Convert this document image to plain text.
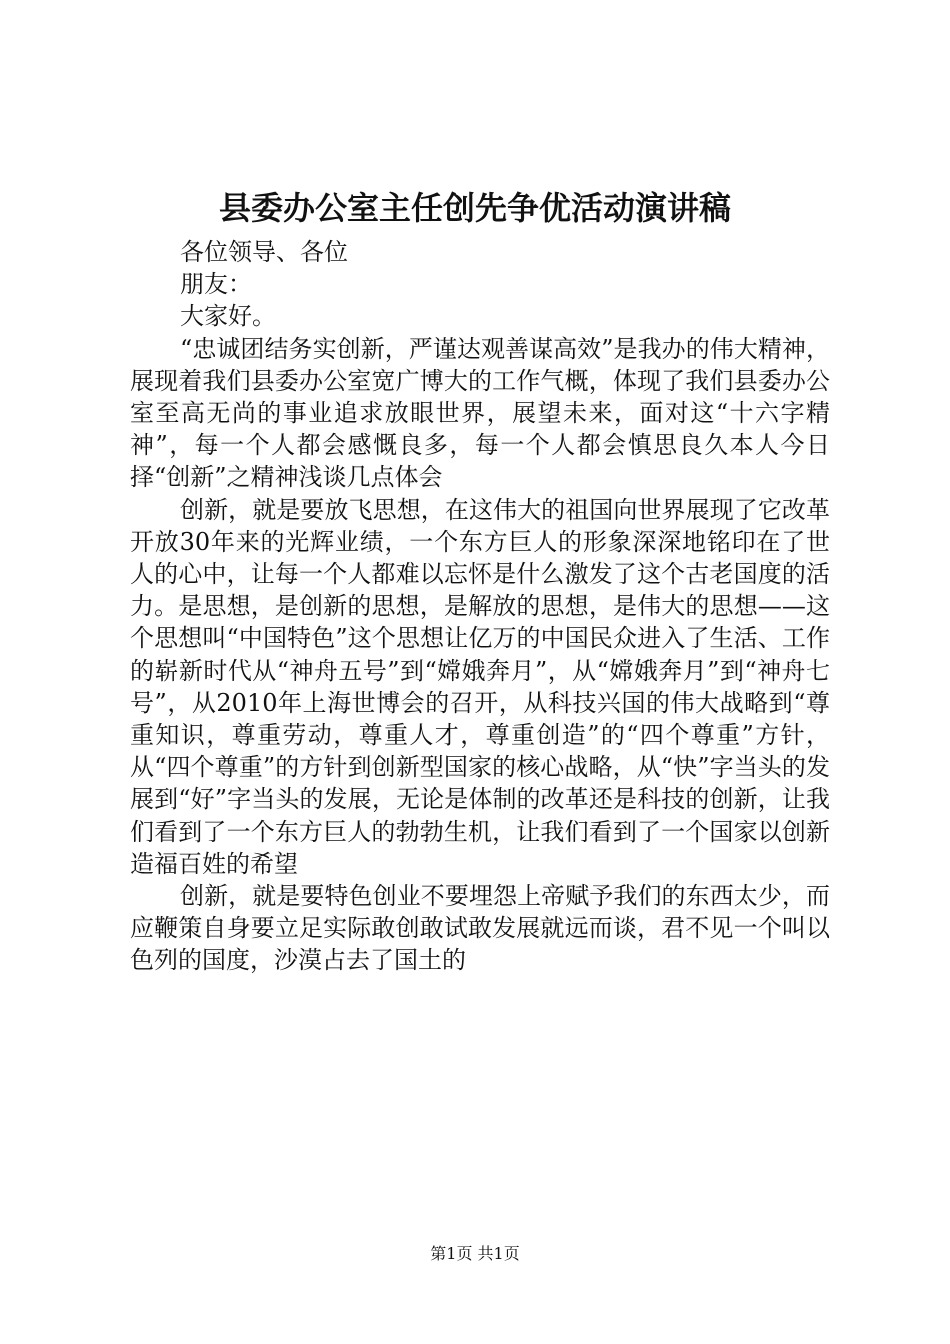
县委办公室主任创先争优活动演讲稿

各位领导、各位

朋友：

大家好。

“忠诚团结务实创新，严谨达观善谋高效”是我办的伟大精神，展现着我们县委办公室宽广博大的工作气概，体现了我们县委办公室至高无尚的事业追求放眼世界，展望未来，面对这“十六字精神”，每一个人都会感慨良多，每一个人都会慎思良久本人今日择“创新”之精神浅谈几点体会

创新，就是要放飞思想，在这伟大的祖国向世界展现了它改革开放30年来的光辉业绩，一个东方巨人的形象深深地铭印在了世人的心中，让每一个人都难以忘怀是什么激发了这个古老国度的活力。是思想，是创新的思想，是解放的思想，是伟大的思想——这个思想叫“中国特色”这个思想让亿万的中国民众进入了生活、工作的崭新时代从“神舟五号”到“嫦娥奔月”，从“嫦娥奔月”到“神舟七号”，从2010年上海世博会的召开，从科技兴国的伟大战略到“尊重知识，尊重劳动，尊重人才，尊重创造”的“四个尊重”方针，从“四个尊重”的方针到创新型国家的核心战略，从“快”字当头的发展到“好”字当头的发展，无论是体制的改革还是科技的创新，让我们看到了一个东方巨人的勃勃生机，让我们看到了一个国家以创新造福百姓的希望

创新，就是要特色创业不要埋怨上帝赋予我们的东西太少，而应鞭策自身要立足实际敢创敢试敢发展就远而谈，君不见一个叫以色列的国度，沙漠占去了国土的

第1页 共1页
